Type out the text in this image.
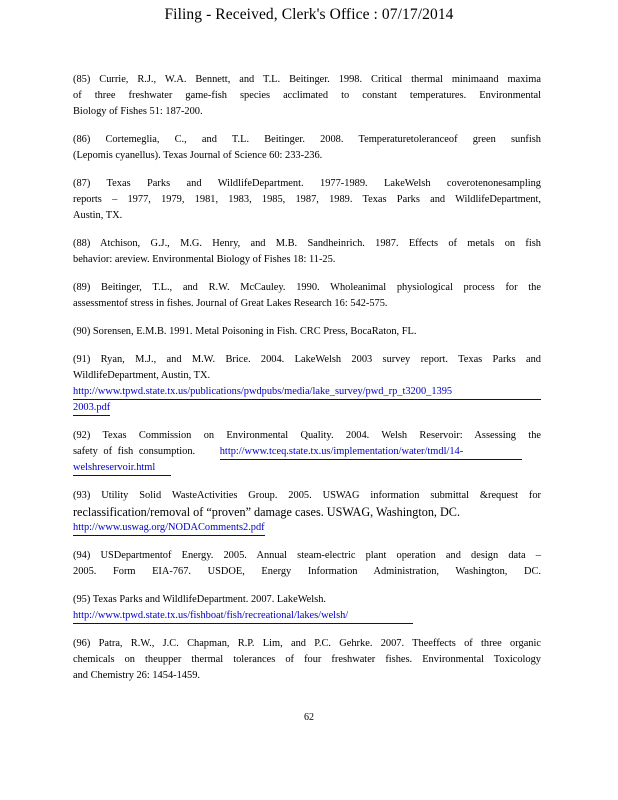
Filing - Received, Clerk's Office : 07/17/2014
(85) Currie, R.J., W.A. Bennett, and T.L. Beitinger. 1998. Critical thermal minimaand maxima
of three freshwater game-fish species acclimated to constant temperatures. Environmental
Biology of Fishes 51: 187-200.
(86) Cortemeglia, C., and T.L. Beitinger. 2008. Temperaturetoleranceof green sunfish
(Lepomis cyanellus). Texas Journal of Science 60: 233-236.
(87) Texas Parks and WildlifeDepartment. 1977-1989. LakeWelsh coverotenonesampling
reports – 1977, 1979, 1981, 1983, 1985, 1987, 1989. Texas Parks and WildlifeDepartment,
Austin, TX.
(88) Atchison, G.J., M.G. Henry, and M.B. Sandheinrich. 1987. Effects of metals on fish
behavior: areview. Environmental Biology of Fishes 18: 11-25.
(89) Beitinger, T.L., and R.W. McCauley. 1990. Wholeanimal physiological process for the
assessmentof stress in fishes. Journal of Great Lakes Research 16: 542-575.
(90) Sorensen, E.M.B. 1991. Metal Poisoning in Fish. CRC Press, BocaRaton, FL.
(91) Ryan, M.J., and M.W. Brice. 2004. LakeWelsh 2003 survey report. Texas Parks and
WildlifeDepartment, Austin, TX.
http://www.tpwd.state.tx.us/publications/pwdpubs/media/lake_survey/pwd_rp_t3200_1395
2003.pdf
(92) Texas Commission on Environmental Quality. 2004. Welsh Reservoir: Assessing the
safety of fish consumption. http://www.tceq.state.tx.us/implementation/water/tmdl/14-
welshreservoir.html
(93) Utility Solid WasteActivities Group. 2005. USWAG information submittal &request for
reclassification/removal of “proven” damage cases. USWAG, Washington, DC.
http://www.uswag.org/NODAComments2.pdf
(94) USDepartmentof Energy. 2005. Annual steam-electric plant operation and design data –
2005. Form EIA-767. USDOE, Energy Information Administration, Washington, DC.
(95) Texas Parks and WildlifeDepartment. 2007. LakeWelsh.
http://www.tpwd.state.tx.us/fishboat/fish/recreational/lakes/welsh/
(96) Patra, R.W., J.C. Chapman, R.P. Lim, and P.C. Gehrke. 2007. Theeffects of three organic
chemicals on theupper thermal tolerances of four freshwater fishes. Environmental Toxicology
and Chemistry 26: 1454-1459.
62
